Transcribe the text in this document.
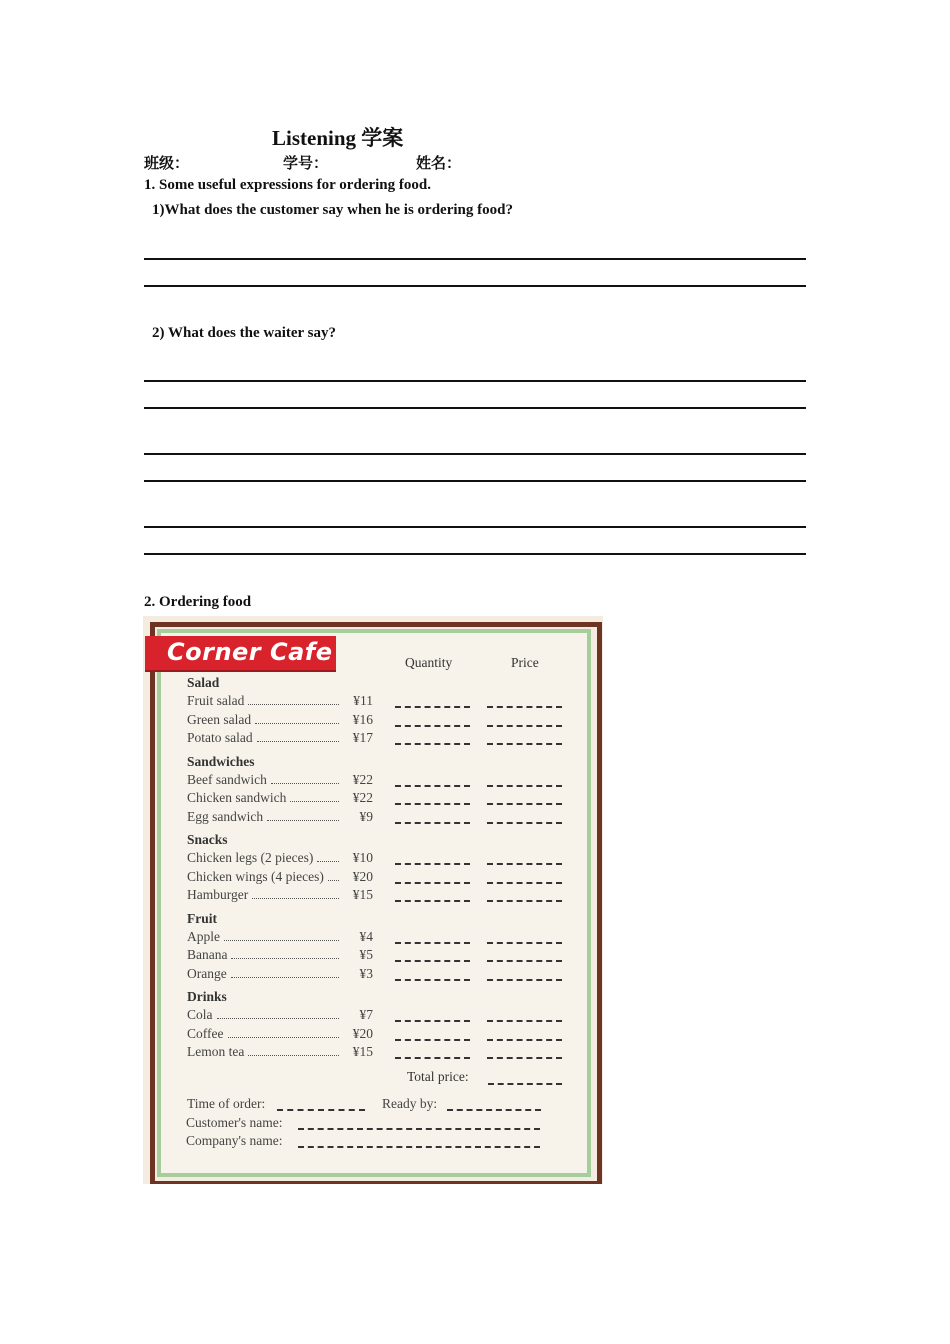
Listening 学案
班级：	学号：	姓名：
1. Some useful expressions for ordering food.
1)What does the customer say when he is ordering food?
2) What does the waiter say?
2. Ordering food
Corner Cafe	Quantity	Price
Total price:
Time of order:	Ready by:
Customer's name:
Company's name:
Salad
Fruit salad	¥11
Green salad	¥16
Potato salad	¥17
Sandwiches
Beef sandwich	¥22
Chicken sandwich	¥22
Egg sandwich	¥9
Snacks
Chicken legs (2 pieces)	¥10
Chicken wings (4 pieces)	¥20
Hamburger	¥15
Fruit
Apple	¥4
Banana	¥5
Orange	¥3
Drinks
Cola	¥7
Coffee	¥20
Lemon tea	¥15
